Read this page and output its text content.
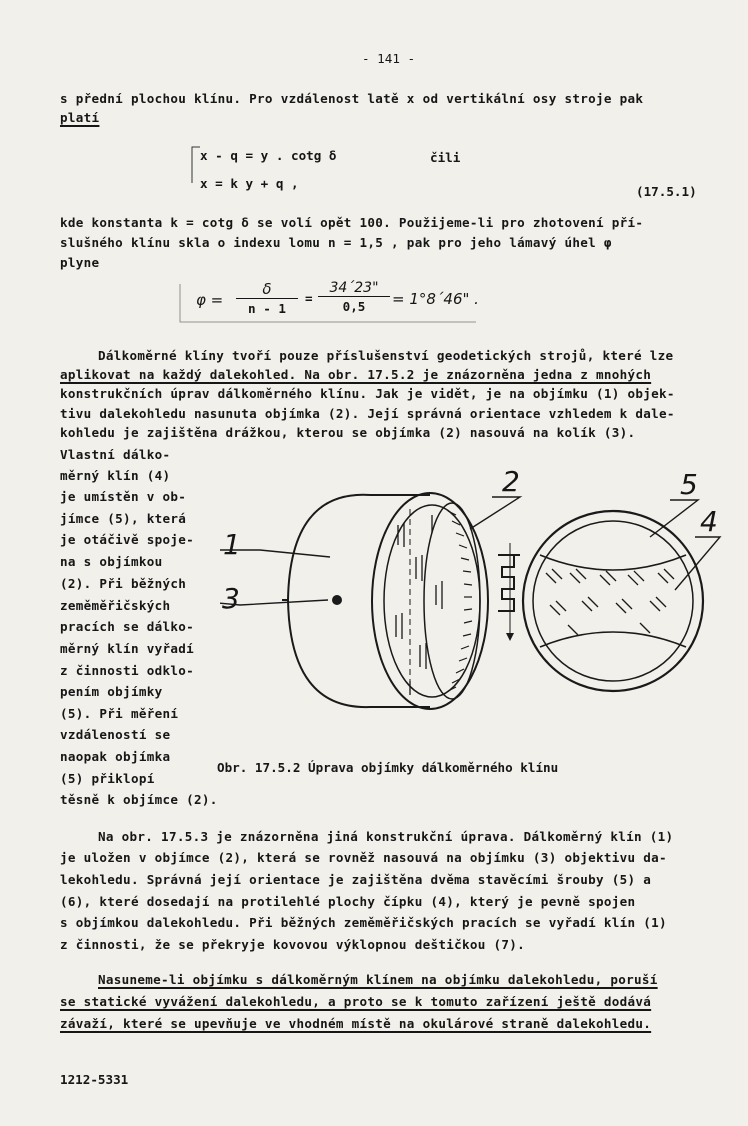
- 141 -
s přední plochou klínu. Pro vzdálenost latě x od vertikální osy stroje pak
platí
x - q = y . cotg δ	čili
x = k y + q ,
(17.5.1)
kde konstanta k = cotg δ se volí opět 100. Použijeme-li pro zhotovení pří-
slušného klínu skla o indexu lomu n = 1,5 , pak pro jeho lámavý úhel φ
plyne
φ =
δ
n - 1
= $\frac{34´23"}{0,5}$ = 1°8´46" .
Dálkoměrné klíny tvoří pouze příslušenství geodetických strojů, které lze
aplikovat na každý dalekohled. Na obr. 17.5.2 je znázorněna jedna z mnohých
konstrukčních úprav dálkoměrného klínu. Jak je vidět, je na objímku (1) objek-
tivu dalekohledu nasunuta objímka (2). Její správná orientace vzhledem k dale-
kohledu je zajištěna drážkou, kterou se objímka (2) nasouvá na kolík (3).
Vlastní dálko-
měrný klín (4)
je umístěn v ob-
jímce (5), která
je otáčivě spoje-
na s objímkou
(2). Při běžných
zeměměřičských
pracích se dálko-
měrný klín vyřadí
z činnosti odklo-
pením objímky
(5). Při měření
vzdáleností se
naopak objímka
(5) přiklopí
těsně k objímce (2).
1
2
3
4
5
Obr. 17.5.2 Úprava objímky dálkoměrného klínu
Na obr. 17.5.3 je znázorněna jiná konstrukční úprava. Dálkoměrný klín (1)
je uložen v objímce (2), která se rovněž nasouvá na objímku (3) objektivu da-
lekohledu. Správná její orientace je zajištěna dvěma stavěcími šrouby (5) a
(6), které dosedají na protilehlé plochy čípku (4), který je pevně spojen
s objímkou dalekohledu. Při běžných zeměměřičských pracích se vyřadí klín (1)
z činnosti, že se překryje kovovou výklopnou deštičkou (7).
Nasuneme-li objímku s dálkoměrným klínem na objímku dalekohledu, poruší
se statické vyvážení dalekohledu, a proto se k tomuto zařízení ještě dodává
závaží, které se upevňuje ve vhodném místě na okulárové straně dalekohledu.
1212-5331
